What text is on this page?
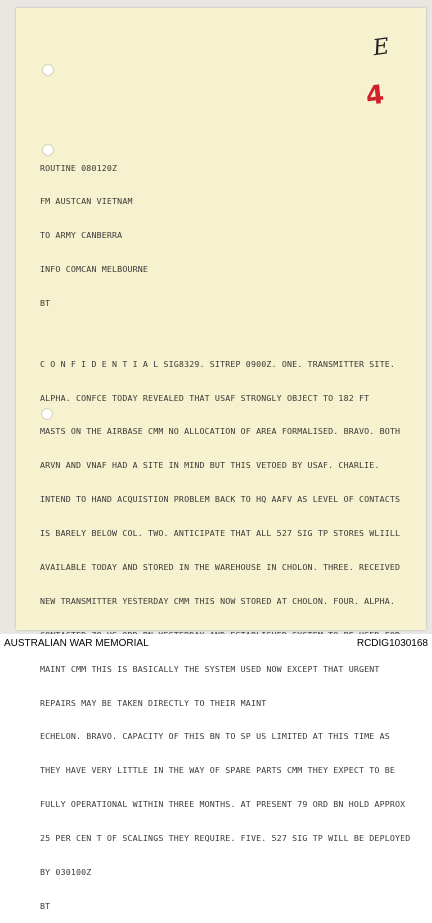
E
4

ROUTINE 080120Z

FM AUSTCAN VIETNAM

TO ARMY CANBERRA

INFO COMCAN MELBOURNE

BT

C O N F I D E N T I A L SIG8329. SITREP 0900Z. ONE. TRANSMITTER SITE.

ALPHA. CONFCE TODAY REVEALED THAT USAF STRONGLY OBJECT TO 182 FT

MASTS ON THE AIRBASE CMM NO ALLOCATION OF AREA FORMALISED. BRAVO. BOTH

ARVN AND VNAF HAD A SITE IN MIND BUT THIS VETOED BY USAF. CHARLIE.

INTEND TO HAND ACQUISTION PROBLEM BACK TO HQ AAFV AS LEVEL OF CONTACTS

IS BARELY BELOW COL. TWO. ANTICIPATE THAT ALL 527 SIG TP STORES WLIILL

AVAILABLE TODAY AND STORED IN THE WAREHOUSE IN CHOLON. THREE. RECEIVED

NEW TRANSMITTER YESTERDAY CMM THIS NOW STORED AT CHOLON. FOUR. ALPHA.

MAINT CMM THIS IS BASICALLY THE SYSTEM USED NOW EXCEPT THAT URGENT

REPAIRS MAY BE TAKEN DIRECTLY TO THEIR MAINT

ECHELON. BRAVO. CAPACITY OF THIS BN TO SP US LIMITED AT THIS TIME AS

THEY HAVE VERY LITTLE IN THE WAY OF SPARE PARTS CMM THEY EXPECT TO BE

FULLY OPERATIONAL WITHIN THREE MONTHS. AT PRESENT 79 ORD BN HOLD APPROX

25 PER CEN T OF SCALINGS THEY REQUIRE. FIVE. 527 SIG TP WILL BE DEPLOYED

BY 030100Z

BT

AUSTRALIAN WAR MEMORIAL	RCDIG1030168
